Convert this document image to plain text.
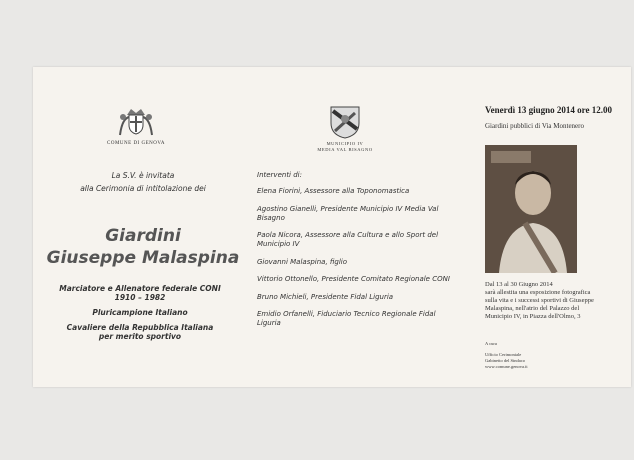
COMUNE DI GENOVA	MUNICIPIO IV
MEDIA VAL BISAGNO
La S.V. è invitata
alla Cerimonia di intitolazione dei
Giardini
Giuseppe Malaspina
Marciatore e Allenatore federale CONI
1910 – 1982
Pluricampione Italiano
Cavaliere della Repubblica Italiana
per merito sportivo
Interventi di:
Elena Fiorini, Assessore alla Toponomastica
Agostino Gianelli, Presidente Municipio IV Media Val Bisagno
Paola Nicora, Assessore alla Cultura e allo Sport del Municipio IV
Giovanni Malaspina, figlio
Vittorio Ottonello, Presidente Comitato Regionale CONI
Bruno Michieli, Presidente Fidal Liguria
Emidio Orfanelli, Fiduciario Tecnico Regionale Fidal Liguria
Venerdì 13 giugno 2014 ore 12.00
Giardini pubblici di Via Montenero
Dal 13 al 30 Giugno 2014
sarà allestita una esposizione fotografica
sulla vita e i successi sportivi di Giuseppe
Malaspina, nell'atrio del Palazzo del
Municipio IV, in Piazza dell'Olmo, 3
A cura
Ufficio Cerimoniale
Gabinetto del Sindaco
www.comune.genova.it
